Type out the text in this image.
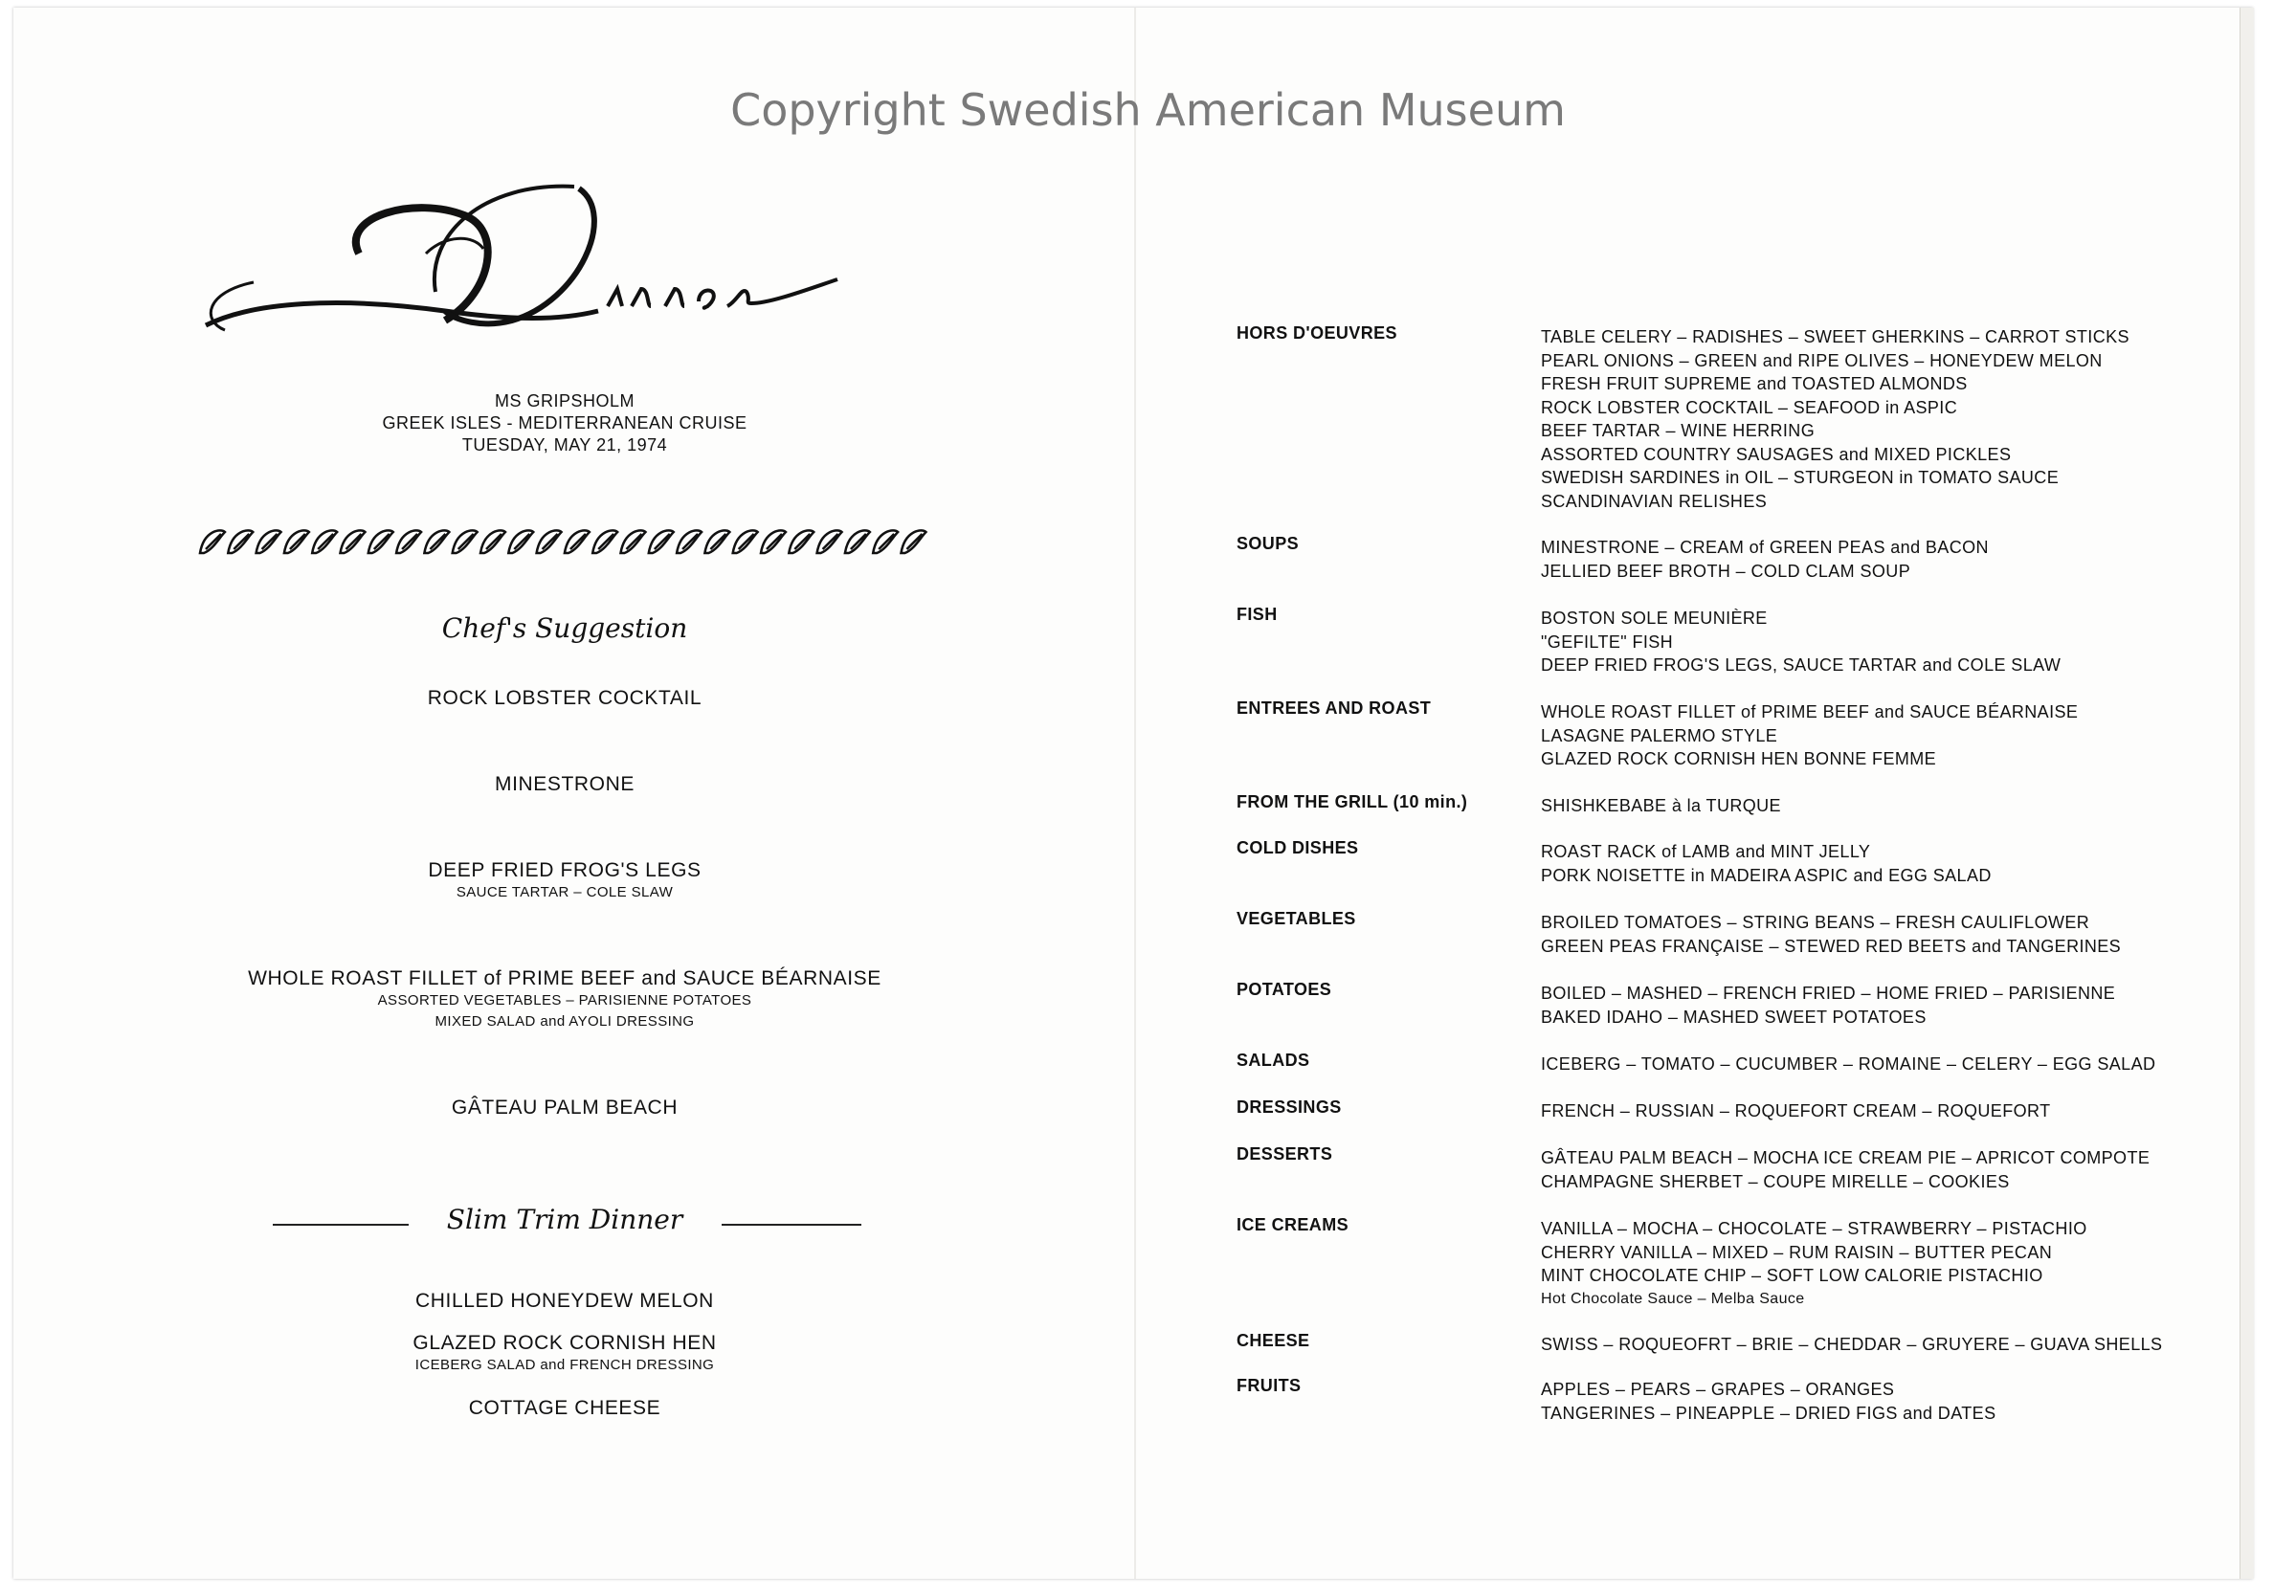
Copyright Swedish American Museum
MS GRIPSHOLM
GREEK ISLES - MEDITERRANEAN CRUISE
TUESDAY, MAY 21, 1974
Chef's Suggestion
ROCK LOBSTER COCKTAIL
MINESTRONE
DEEP FRIED FROG'S LEGS
SAUCE TARTAR – COLE SLAW
WHOLE ROAST FILLET of PRIME BEEF and SAUCE BÉARNAISE
ASSORTED VEGETABLES – PARISIENNE POTATOES
MIXED SALAD and AYOLI DRESSING
GÂTEAU PALM BEACH
Slim Trim Dinner
CHILLED HONEYDEW MELON
GLAZED ROCK CORNISH HEN
ICEBERG SALAD and FRENCH DRESSING
COTTAGE CHEESE
HORS D'OEUVRES	TABLE CELERY – RADISHES – SWEET GHERKINS – CARROT STICKS
PEARL ONIONS – GREEN and RIPE OLIVES – HONEYDEW MELON
FRESH FRUIT SUPREME and TOASTED ALMONDS
ROCK LOBSTER COCKTAIL – SEAFOOD in ASPIC
BEEF TARTAR – WINE HERRING
ASSORTED COUNTRY SAUSAGES and MIXED PICKLES
SWEDISH SARDINES in OIL – STURGEON in TOMATO SAUCE
SCANDINAVIAN RELISHES
SOUPS	MINESTRONE – CREAM of GREEN PEAS and BACON
JELLIED BEEF BROTH – COLD CLAM SOUP
FISH	BOSTON SOLE MEUNIÈRE
"GEFILTE" FISH
DEEP FRIED FROG'S LEGS, SAUCE TARTAR and COLE SLAW
ENTREES AND ROAST	WHOLE ROAST FILLET of PRIME BEEF and SAUCE BÉARNAISE
LASAGNE PALERMO STYLE
GLAZED ROCK CORNISH HEN BONNE FEMME
FROM THE GRILL (10 min.)	SHISHKEBABE à la TURQUE
COLD DISHES	ROAST RACK of LAMB and MINT JELLY
PORK NOISETTE in MADEIRA ASPIC and EGG SALAD
VEGETABLES	BROILED TOMATOES – STRING BEANS – FRESH CAULIFLOWER
GREEN PEAS FRANÇAISE – STEWED RED BEETS and TANGERINES
POTATOES	BOILED – MASHED – FRENCH FRIED – HOME FRIED – PARISIENNE
BAKED IDAHO – MASHED SWEET POTATOES
SALADS	ICEBERG – TOMATO – CUCUMBER – ROMAINE – CELERY – EGG SALAD
DRESSINGS	FRENCH – RUSSIAN – ROQUEFORT CREAM – ROQUEFORT
DESSERTS	GÂTEAU PALM BEACH – MOCHA ICE CREAM PIE – APRICOT COMPOTE
CHAMPAGNE SHERBET – COUPE MIRELLE – COOKIES
ICE CREAMS	VANILLA – MOCHA – CHOCOLATE – STRAWBERRY – PISTACHIO
CHERRY VANILLA – MIXED – RUM RAISIN – BUTTER PECAN
MINT CHOCOLATE CHIP – SOFT LOW CALORIE PISTACHIO
Hot Chocolate Sauce – Melba Sauce
CHEESE	SWISS – ROQUEOFRT – BRIE – CHEDDAR – GRUYERE – GUAVA SHELLS
FRUITS	APPLES – PEARS – GRAPES – ORANGES
TANGERINES – PINEAPPLE – DRIED FIGS and DATES
